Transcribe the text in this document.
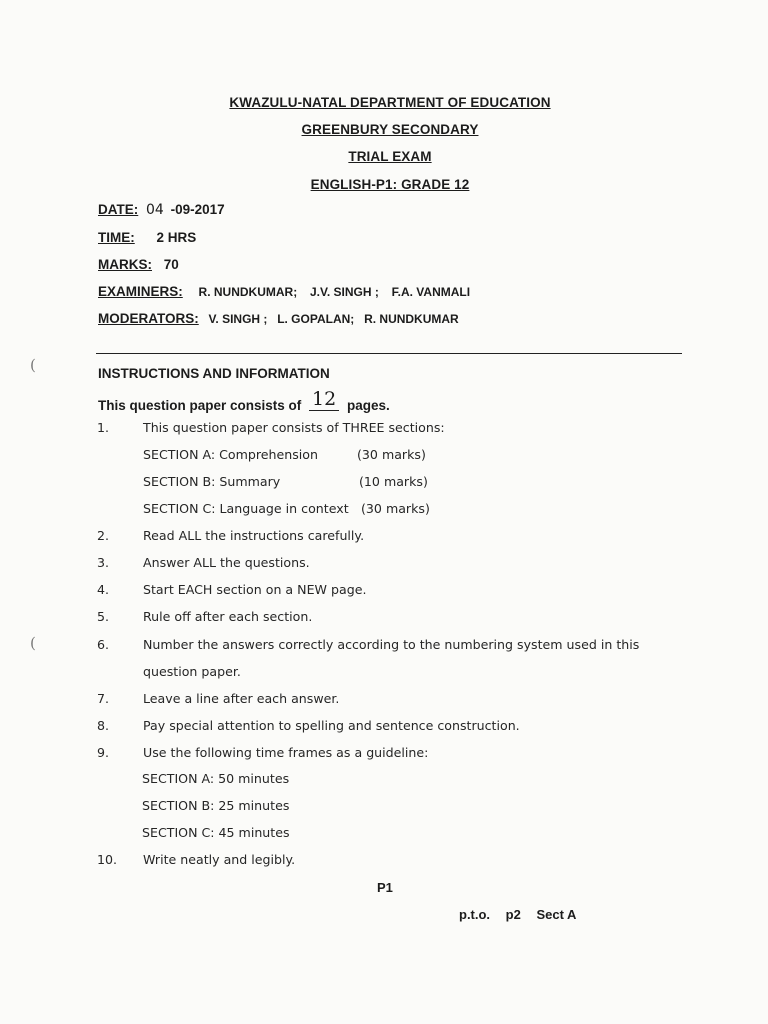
KWAZULU-NATAL DEPARTMENT OF EDUCATION
GREENBURY SECONDARY
TRIAL EXAM
ENGLISH-P1: GRADE 12
DATE: 04 -09-2017
TIME: 2 HRS
MARKS: 70
EXAMINERS: R. NUNDKUMAR; J.V. SINGH ; F.A. VANMALI
MODERATORS: V. SINGH ; L. GOPALAN; R. NUNDKUMAR
(
(
INSTRUCTIONS AND INFORMATION
This question paper consists of 12 pages.
1.	This question paper consists of THREE sections:
SECTION A: Comprehension	(30 marks)
SECTION B: Summary	(10 marks)
SECTION C: Language in context (30 marks)
2.	Read ALL the instructions carefully.
3.	Answer ALL the questions.
4.	Start EACH section on a NEW page.
5.	Rule off after each section.
6.	Number the answers correctly according to the numbering system used in this
question paper.
7.	Leave a line after each answer.
8.	Pay special attention to spelling and sentence construction.
9.	Use the following time frames as a guideline:
SECTION A: 50 minutes
SECTION B: 25 minutes
SECTION C: 45 minutes
10. Write neatly and legibly.
P1
p.t.o. p2 Sect A
